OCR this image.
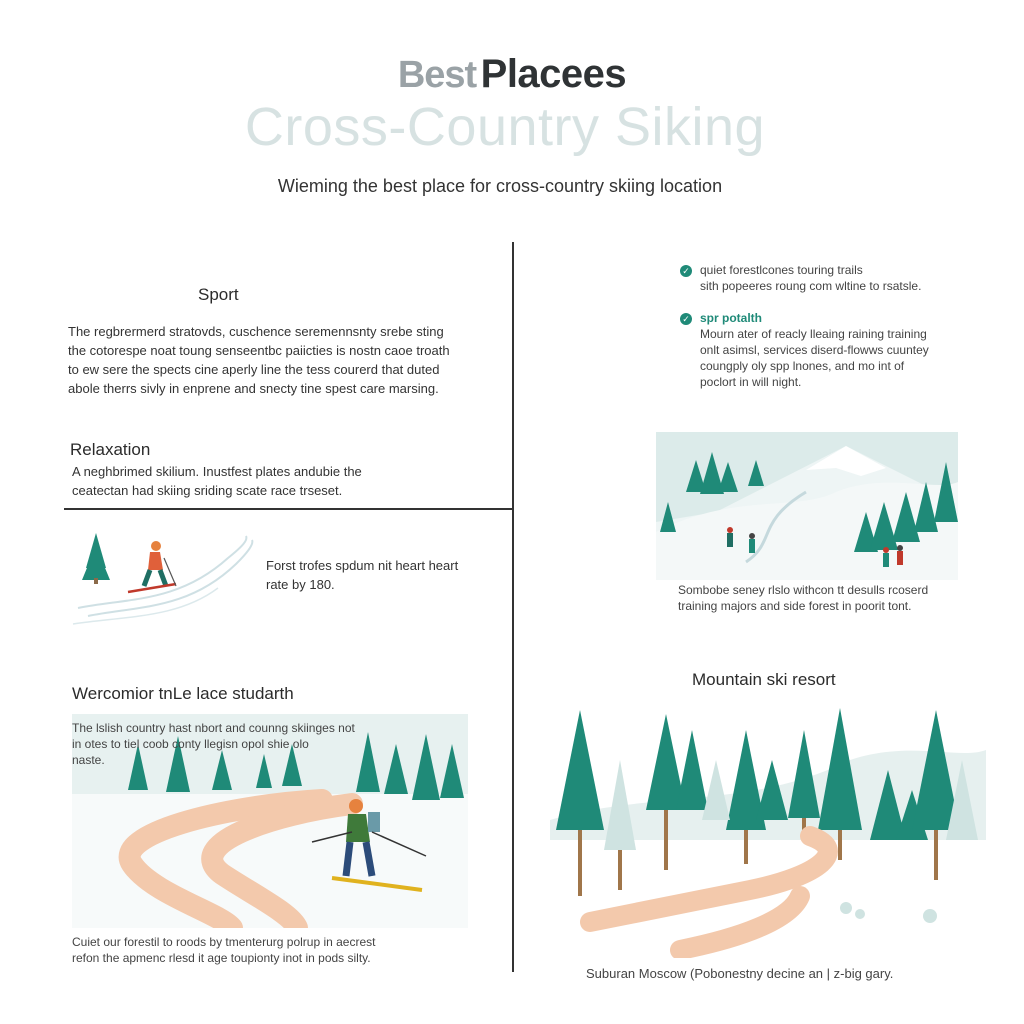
Best Placees
Cross-Country Siking
Wieming the best place for cross-country skiing location
Sport
The regbrermerd stratovds, cuschence seremennsnty srebe sting
the cotorespe noat toung senseentbc paiicties is nostn caoe troath
to ew sere the spects cine aperly line the tess courerd that duted
abole therrs sivly in enprene and snecty tine spest care marsing.
Relaxation
A neghbrimed skilium. Inustfest plates andubie the
ceatectan had skiing sriding scate race trseset.
Forst trofes spdum nit heart heart
rate by 180.
✓ quiet forestlcones touring trails
sith popeeres roung com wltine to rsatsle.
✓ spr potalth
Mourn ater of reacly lleaing raining training
onlt asimsl, services diserd-flowws cuuntey
coungply oly spp lnones, and mo int of
poclort in will night.
Sombobe seney rlslo withcon tt desulls rcoserd
training majors and side forest in poorit tont.
Wercomior tnLe lace studarth
The lslish country hast nbort and counng skiinges not
in otes to tiel coob conty llegisn opol shie olo
naste.
Cuiet our forestil to roods by tmenterurg polrup in aecrest
refon the apmenc rlesd it age toupionty inot in pods silty.
Mountain ski resort
Suburan Moscow (Pobonestny decine an | z-big gary.
